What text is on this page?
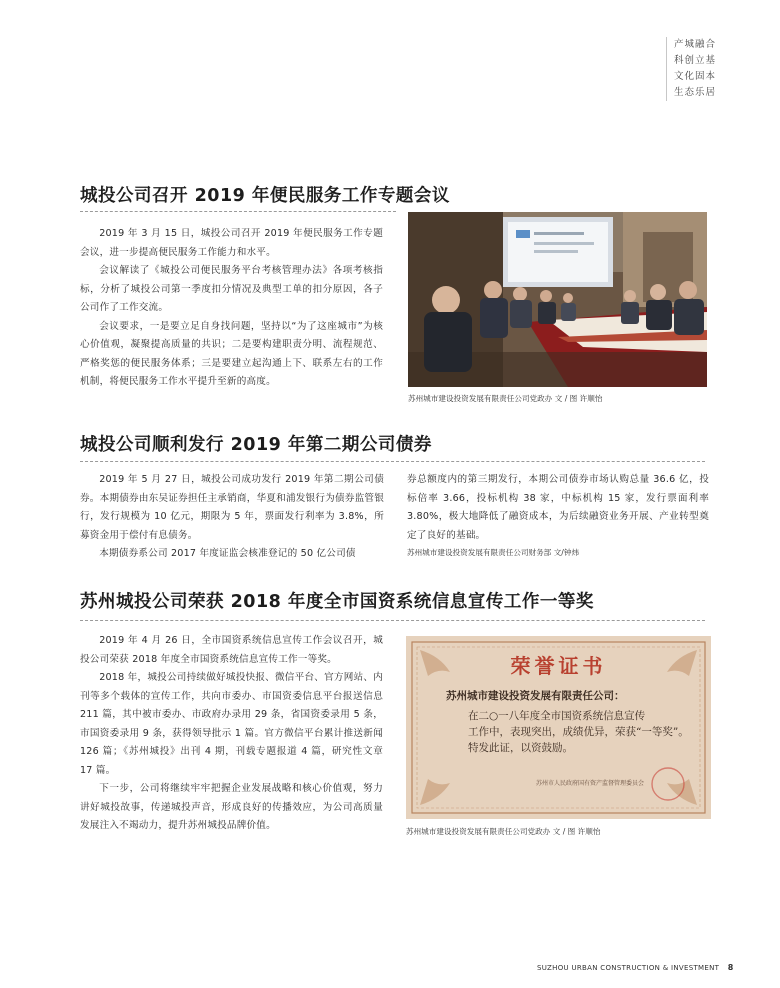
产城融合
科创立基
文化固本
生态乐居
城投公司召开 2019 年便民服务工作专题会议

2019 年 3 月 15 日，城投公司召开 2019 年便民服务工作专题会议，进一步提高便民服务工作能力和水平。

会议解读了《城投公司便民服务平台考核管理办法》各项考核指标，分析了城投公司第一季度扣分情况及典型工单的扣分原因，各子公司作了工作交流。

会议要求，一是要立足自身找问题，坚持以“为了这座城市”为核心价值观，凝聚提高质量的共识；二是要构建职责分明、流程规范、严格奖惩的便民服务体系；三是要建立起沟通上下、联系左右的工作机制，将便民服务工作水平提升至新的高度。

苏州城市建设投资发展有限责任公司党政办 文 / 图 许顺怡
城投公司顺利发行 2019 年第二期公司债券

2019 年 5 月 27 日，城投公司成功发行 2019 年第二期公司债券。本期债券由东吴证券担任主承销商，华夏和浦发银行为债券监管银行，发行规模为 10 亿元，期限为 5 年，票面发行利率为 3.8%，所募资金用于偿付有息债务。

本期债券系公司 2017 年度证监会核准登记的 50 亿公司债

券总额度内的第三期发行，本期公司债券市场认购总量 36.6 亿，投标倍率 3.66，投标机构 38 家，中标机构 15 家，发行票面利率 3.80%，极大地降低了融资成本，为后续融资业务开展、产业转型奠定了良好的基础。
苏州城市建设投资发展有限责任公司财务部 文/钟炜
苏州城投公司荣获 2018 年度全市国资系统信息宣传工作一等奖

2019 年 4 月 26 日，全市国资系统信息宣传工作会议召开，城投公司荣获 2018 年度全市国资系统信息宣传工作一等奖。

2018 年，城投公司持续做好城投快报、微信平台、官方网站、内刊等多个载体的宣传工作，共向市委办、市国资委信息平台报送信息 211 篇，其中被市委办、市政府办录用 29 条，省国资委录用 5 条，市国资委录用 9 条，获得领导批示 1 篇。官方微信平台累计推送新闻 126 篇；《苏州城投》出刊 4 期，刊载专题报道 4 篇，研究性文章 17 篇。

下一步，公司将继续牢牢把握企业发展战略和核心价值观，努力讲好城投故事，传递城投声音，形成良好的传播效应，为公司高质量发展注入不竭动力，提升苏州城投品牌价值。

荣誉证书
苏州城市建设投资发展有限责任公司：
在二○一八年度全市国资系统信息宣传
工作中，表现突出，成绩优异，荣获“一等奖”。
特发此证，以资鼓励。
苏州市人民政府国有资产监督管理委员会
苏州城市建设投资发展有限责任公司党政办 文 / 图 许顺怡
SUZHOU URBAN CONSTRUCTION & INVESTMENT 8
